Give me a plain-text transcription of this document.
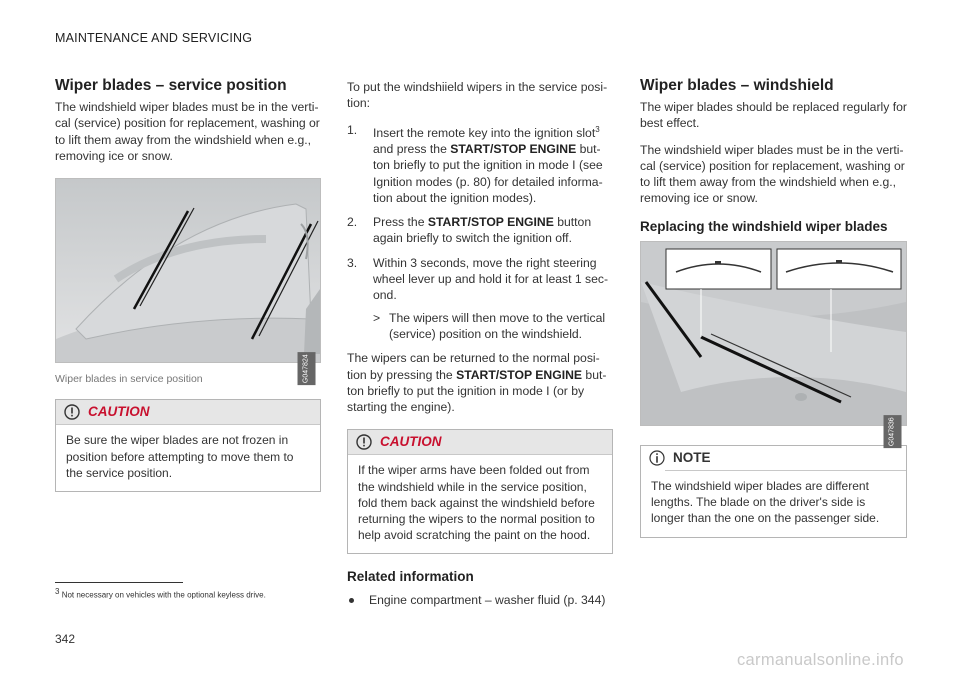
MAINTENANCE AND SERVICING
Wiper blades – service position

The windshield wiper blades must be in the verti- cal (service) position for replacement, washing or to lift them away from the windshield when e.g., removing ice or snow.

G047824
Wiper blades in service position
CAUTION
Be sure the wiper blades are not frozen in position before attempting to move them to the service position.

To put the windshiield wipers in the service posi- tion:

1. Insert the remote key into the ignition slot$^3$ and press the START/STOP ENGINE but- ton briefly to put the ignition in mode I (see Ignition modes (p. 80) for detailed informa- tion about the ignition modes).
2. Press the START/STOP ENGINE button again briefly to switch the ignition off.
3. Within 3 seconds, move the right steering wheel lever up and hold it for at least 1 sec- ond.
> The wipers will then move to the vertical (service) position on the windshield.

The wipers can be returned to the normal posi- tion by pressing the START/STOP ENGINE but- ton briefly to put the ignition in mode I (or by starting the engine).

CAUTION
If the wiper arms have been folded out from the windshield while in the service position, fold them back against the windshield before returning the wipers to the normal position to help avoid scratching the paint on the hood.
Related information
Engine compartment – washer fluid (p. 344)
Wiper blades – windshield

The wiper blades should be replaced regularly for best effect.

The windshield wiper blades must be in the verti- cal (service) position for replacement, washing or to lift them away from the windshield when e.g., removing ice or snow.

Replacing the windshield wiper blades
G047836
NOTE
The windshield wiper blades are different lengths. The blade on the driver's side is longer than the one on the passenger side.
$^3$ Not necessary on vehicles with the optional keyless drive.
342
carmanualsonline.info
